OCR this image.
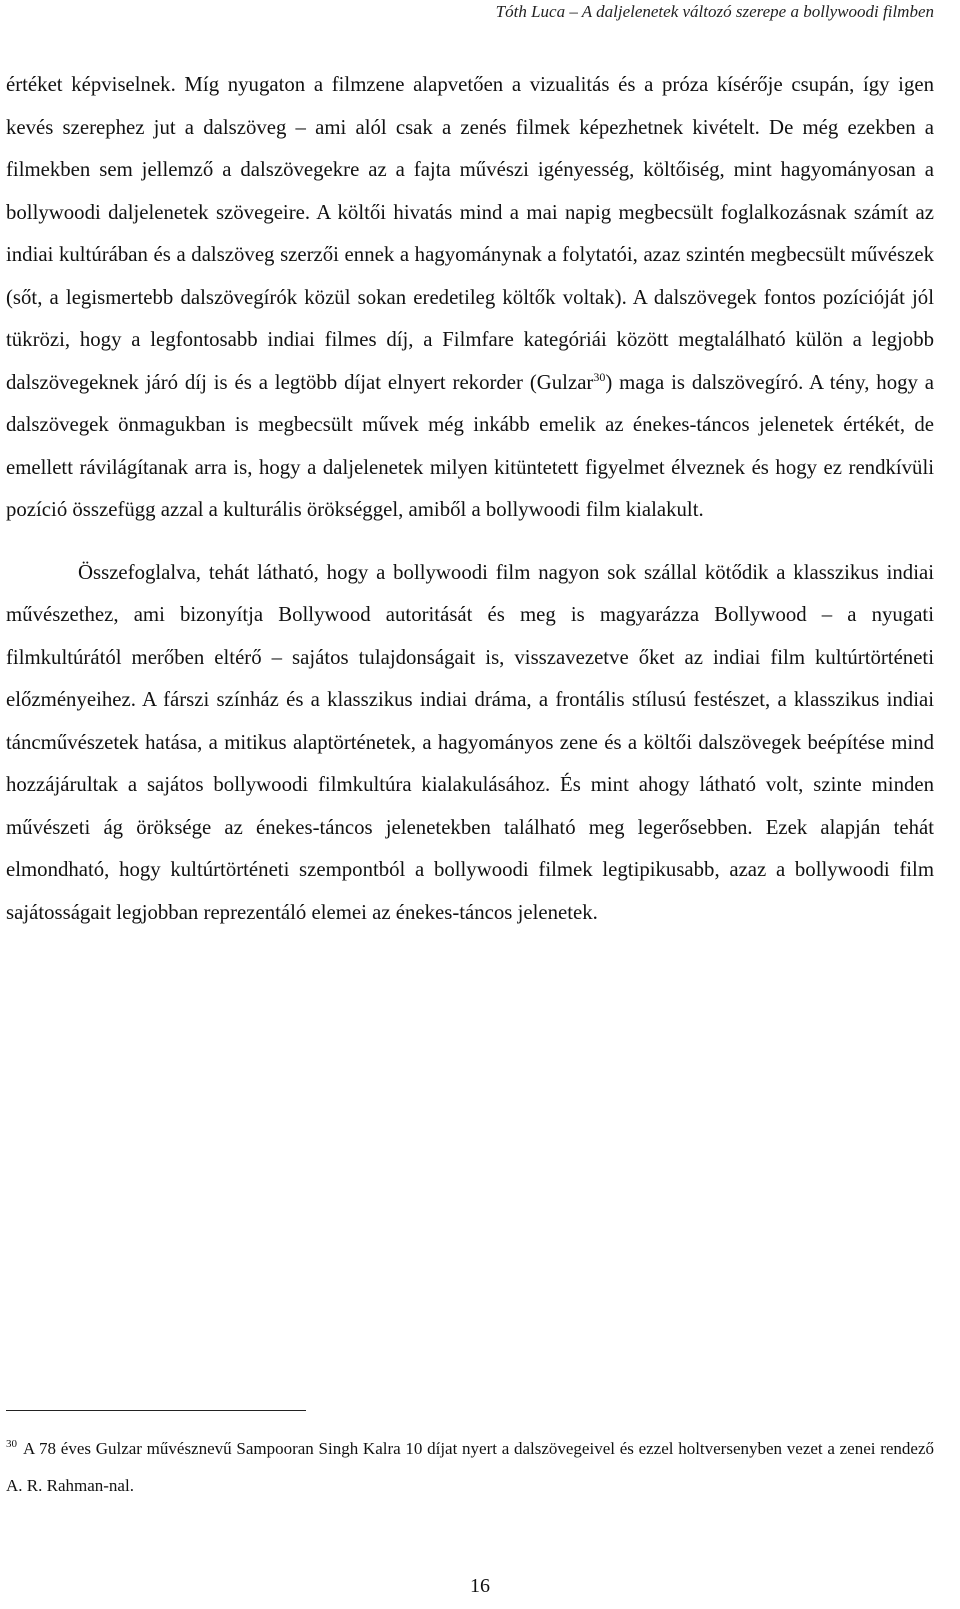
Tóth Luca – A daljelenetek változó szerepe a bollywoodi filmben

értéket képviselnek. Míg nyugaton a filmzene alapvetően a vizualitás és a próza kísérője csupán, így igen kevés szerephez jut a dalszöveg – ami alól csak a zenés filmek képezhetnek kivételt. De még ezekben a filmekben sem jellemző a dalszövegekre az a fajta művészi igényesség, költőiség, mint hagyományosan a bollywoodi daljelenetek szövegeire. A költői hivatás mind a mai napig megbecsült foglalkozásnak számít az indiai kultúrában és a dalszöveg szerzői ennek a hagyománynak a folytatói, azaz szintén megbecsült művészek (sőt, a legismertebb dalszövegírók közül sokan eredetileg költők voltak). A dalszövegek fontos pozícióját jól tükrözi, hogy a legfontosabb indiai filmes díj, a Filmfare kategóriái között megtalálható külön a legjobb dalszövegeknek járó díj is és a legtöbb díjat elnyert rekorder (Gulzar$^{30}$) maga is dalszövegíró. A tény, hogy a dalszövegek önmagukban is megbecsült művek még inkább emelik az énekes-táncos jelenetek értékét, de emellett rávilágítanak arra is, hogy a daljelenetek milyen kitüntetett figyelmet élveznek és hogy ez rendkívüli pozíció összefügg azzal a kulturális örökséggel, amiből a bollywoodi film kialakult.

Összefoglalva, tehát látható, hogy a bollywoodi film nagyon sok szállal kötődik a klasszikus indiai művészethez, ami bizonyítja Bollywood autoritását és meg is magyarázza Bollywood – a nyugati filmkultúrától merőben eltérő – sajátos tulajdonságait is, visszavezetve őket az indiai film kultúrtörténeti előzményeihez. A fárszi színház és a klasszikus indiai dráma, a frontális stílusú festészet, a klasszikus indiai táncművészetek hatása, a mitikus alaptörténetek, a hagyományos zene és a költői dalszövegek beépítése mind hozzájárultak a sajátos bollywoodi filmkultúra kialakulásához. És mint ahogy látható volt, szinte minden művészeti ág öröksége az énekes-táncos jelenetekben található meg legerősebben. Ezek alapján tehát elmondható, hogy kultúrtörténeti szempontból a bollywoodi filmek legtipikusabb, azaz a bollywoodi film sajátosságait legjobban reprezentáló elemei az énekes-táncos jelenetek.

$^{30}$ A 78 éves Gulzar művésznevű Sampooran Singh Kalra 10 díjat nyert a dalszövegeivel és ezzel holtversenyben vezet a zenei rendező A. R. Rahman-nal.
16
